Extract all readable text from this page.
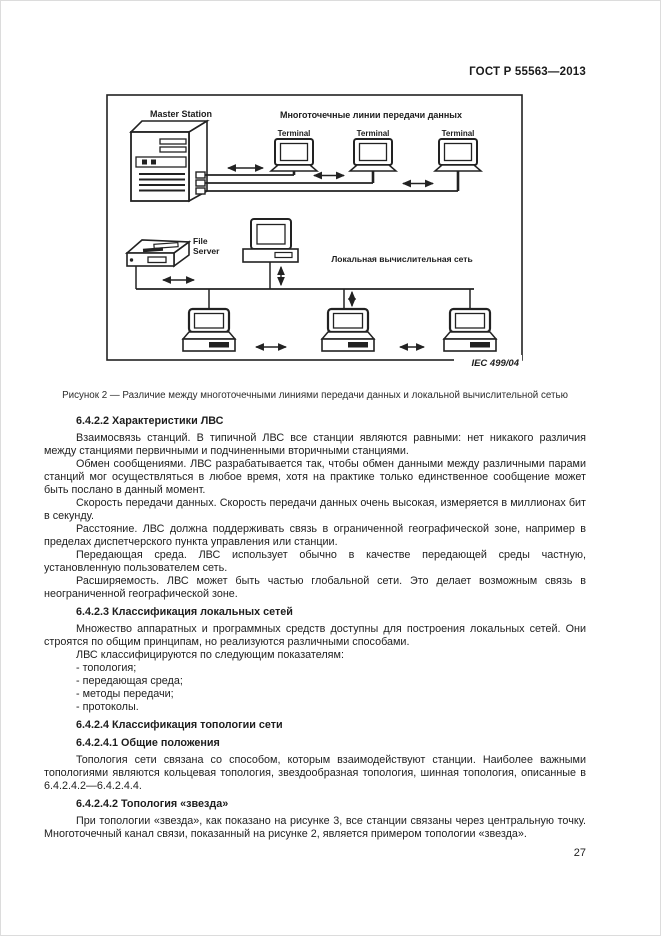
ГОСТ Р 55563—2013
Master Station	Многоточечные линии передачи данных
Terminal	Terminal	Terminal
File
Server
Локальная вычислительная сеть
IEC 499/04
Рисунок 2 — Различие между многоточечными линиями передачи данных и локальной вычислительной сетью

6.4.2.2 Характеристики ЛВС

Взаимосвязь станций. В типичной ЛВС все станции являются равными: нет никакого различия между станциями первичными и подчиненными вторичными станциями.

Обмен сообщениями. ЛВС разрабатывается так, чтобы обмен данными между различными парами станций мог осуществляться в любое время, хотя на практике только единственное сообщение может быть послано в данный момент.

Скорость передачи данных. Скорость передачи данных очень высокая, измеряется в миллионах бит в секунду.

Расстояние. ЛВС должна поддерживать связь в ограниченной географической зоне, например в пределах диспетчерского пункта управления или станции.

Передающая среда. ЛВС использует обычно в качестве передающей среды частную, установленную пользователем сеть.

Расширяемость. ЛВС может быть частью глобальной сети. Это делает возможным связь в неограниченной географической зоне.

6.4.2.3 Классификация локальных сетей

Множество аппаратных и программных средств доступны для построения локальных сетей. Они строятся по общим принципам, но реализуются различными способами.

ЛВС классифицируются по следующим показателям:

- топология;

- передающая среда;

- методы передачи;

- протоколы.

6.4.2.4 Классификация топологии сети

6.4.2.4.1 Общие положения

Топология сети связана со способом, которым взаимодействуют станции. Наиболее важными топологиями являются кольцевая топология, звездообразная топология, шинная топология, описанные в 6.4.2.4.2—6.4.2.4.4.

6.4.2.4.2 Топология «звезда»

При топологии «звезда», как показано на рисунке 3, все станции связаны через центральную точку. Многоточечный канал связи, показанный на рисунке 2, является примером топологии «звезда».

27
